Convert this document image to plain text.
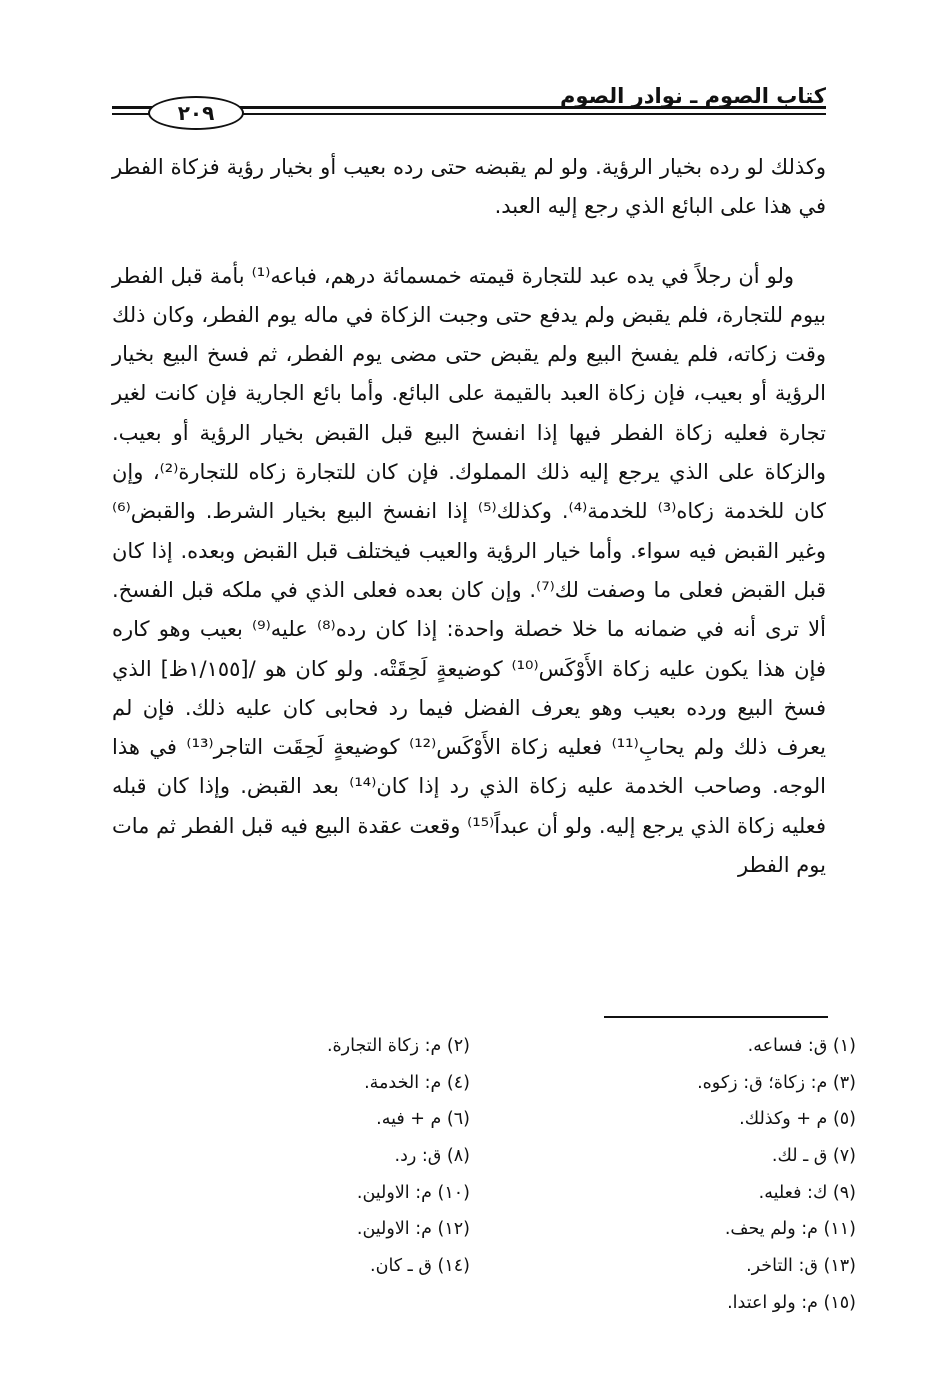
كتاب الصوم ـ نوادر الصوم
٢٠٩

وكذلك لو رده بخيار الرؤية. ولو لم يقبضه حتى رده بعيب أو بخيار رؤية فزكاة الفطر في هذا على البائع الذي رجع إليه العبد.

ولو أن رجلاً في يده عبد للتجارة قيمته خمسمائة درهم، فباعه⁽¹⁾ بأمة قبل الفطر بيوم للتجارة، فلم يقبض ولم يدفع حتى وجبت الزكاة في ماله يوم الفطر، وكان ذلك وقت زكاته، فلم يفسخ البيع ولم يقبض حتى مضى يوم الفطر، ثم فسخ البيع بخيار الرؤية أو بعيب، فإن زكاة العبد بالقيمة على البائع. وأما بائع الجارية فإن كانت لغير تجارة فعليه زكاة الفطر فيها إذا انفسخ البيع قبل القبض بخيار الرؤية أو بعيب. والزكاة على الذي يرجع إليه ذلك المملوك. فإن كان للتجارة زكاه للتجارة⁽²⁾، وإن كان للخدمة زكاه⁽³⁾ للخدمة⁽⁴⁾. وكذلك⁽⁵⁾ إذا انفسخ البيع بخيار الشرط. والقبض⁽⁶⁾ وغير القبض فيه سواء. وأما خيار الرؤية والعيب فيختلف قبل القبض وبعده. إذا كان قبل القبض فعلى ما وصفت لك⁽⁷⁾. وإن كان بعده فعلى الذي في ملكه قبل الفسخ. ألا ترى أنه في ضمانه ما خلا خصلة واحدة: إذا كان رده⁽⁸⁾ عليه⁽⁹⁾ بعيب وهو كاره فإن هذا يكون عليه زكاة الأَوْكَس⁽¹⁰⁾ كوضيعةٍ لَحِقَتْه. ولو كان هو /[١/١٥٥ظ] الذي فسخ البيع ورده بعيب وهو يعرف الفضل فيما رد فحابى كان عليه ذلك. فإن لم يعرف ذلك ولم يحابِ⁽¹¹⁾ فعليه زكاة الأَوْكَس⁽¹²⁾ كوضيعةٍ لَحِقَت التاجر⁽¹³⁾ في هذا الوجه. وصاحب الخدمة عليه زكاة الذي رد إذا كان⁽¹⁴⁾ بعد القبض. وإذا كان قبله فعليه زكاة الذي يرجع إليه. ولو أن عبداً⁽¹⁵⁾ وقعت عقدة البيع فيه قبل الفطر ثم مات يوم الفطر

(١) ق: فساعه.
(٣) م: زكاة؛ ق: زكوه.
(٥) م + وكذلك.
(٧) ق ـ لك.
(٩) ك: فعليه.
(١١) م: ولم يحف.
(١٣) ق: التاخر.
(١٥) م: ولو اعتدا.
(٢) م: زكاة التجارة.
(٤) م: الخدمة.
(٦) م + فيه.
(٨) ق: رد.
(١٠) م: الاولين.
(١٢) م: الاولين.
(١٤) ق ـ كان.
